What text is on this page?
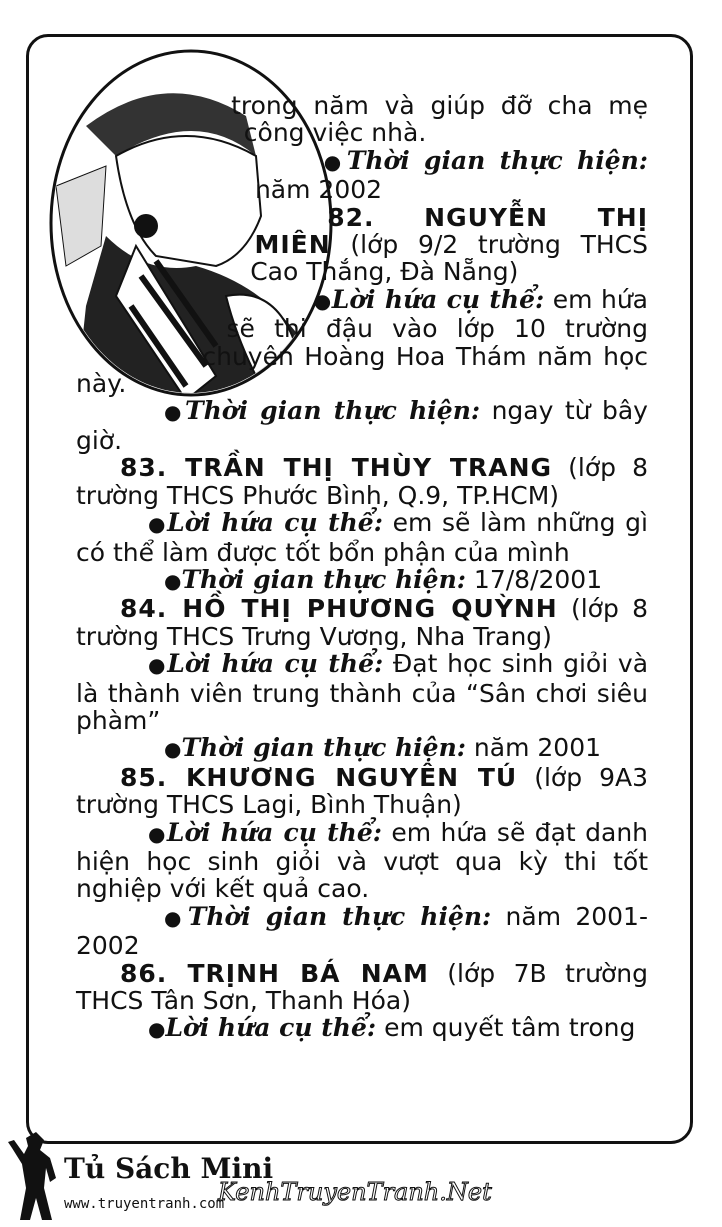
trong năm và giúp đỡ cha mẹ công việc nhà.

●Thời gian thực hiện: năm 2002

82. NGUYỄN THỊ MIÊN (lớp 9/2 trường THCS Cao Thắng, Đà Nẵng)

●Lời hứa cụ thể: em hứa sẽ thi đậu vào lớp 10 trường chuyên Hoàng Hoa Thám năm học này.

●Thời gian thực hiện: ngay từ bây giờ.

83. TRẦN THỊ THÙY TRANG (lớp 8 trường THCS Phước Bình, Q.9, TP.HCM)

●Lời hứa cụ thể: em sẽ làm những gì có thể làm được tốt bổn phận của mình

●Thời gian thực hiện: 17/8/2001

84. HỒ THỊ PHƯƠNG QUỲNH (lớp 8 trường THCS Trưng Vương, Nha Trang)

●Lời hứa cụ thể: Đạt học sinh giỏi và là thành viên trung thành của “Sân chơi siêu phàm”

●Thời gian thực hiện: năm 2001

85. KHƯƠNG NGUYÊN TÚ (lớp 9A3 trường THCS Lagi, Bình Thuận)

●Lời hứa cụ thể: em hứa sẽ đạt danh hiện học sinh giỏi và vượt qua kỳ thi tốt nghiệp với kết quả cao.

●Thời gian thực hiện: năm 2001-2002

86. TRỊNH BÁ NAM (lớp 7B trường THCS Tân Sơn, Thanh Hóa)

●Lời hứa cụ thể: em quyết tâm trong

Tủ Sách Mini
www.truyentranh.com
KenhTruyenTranh.Net
